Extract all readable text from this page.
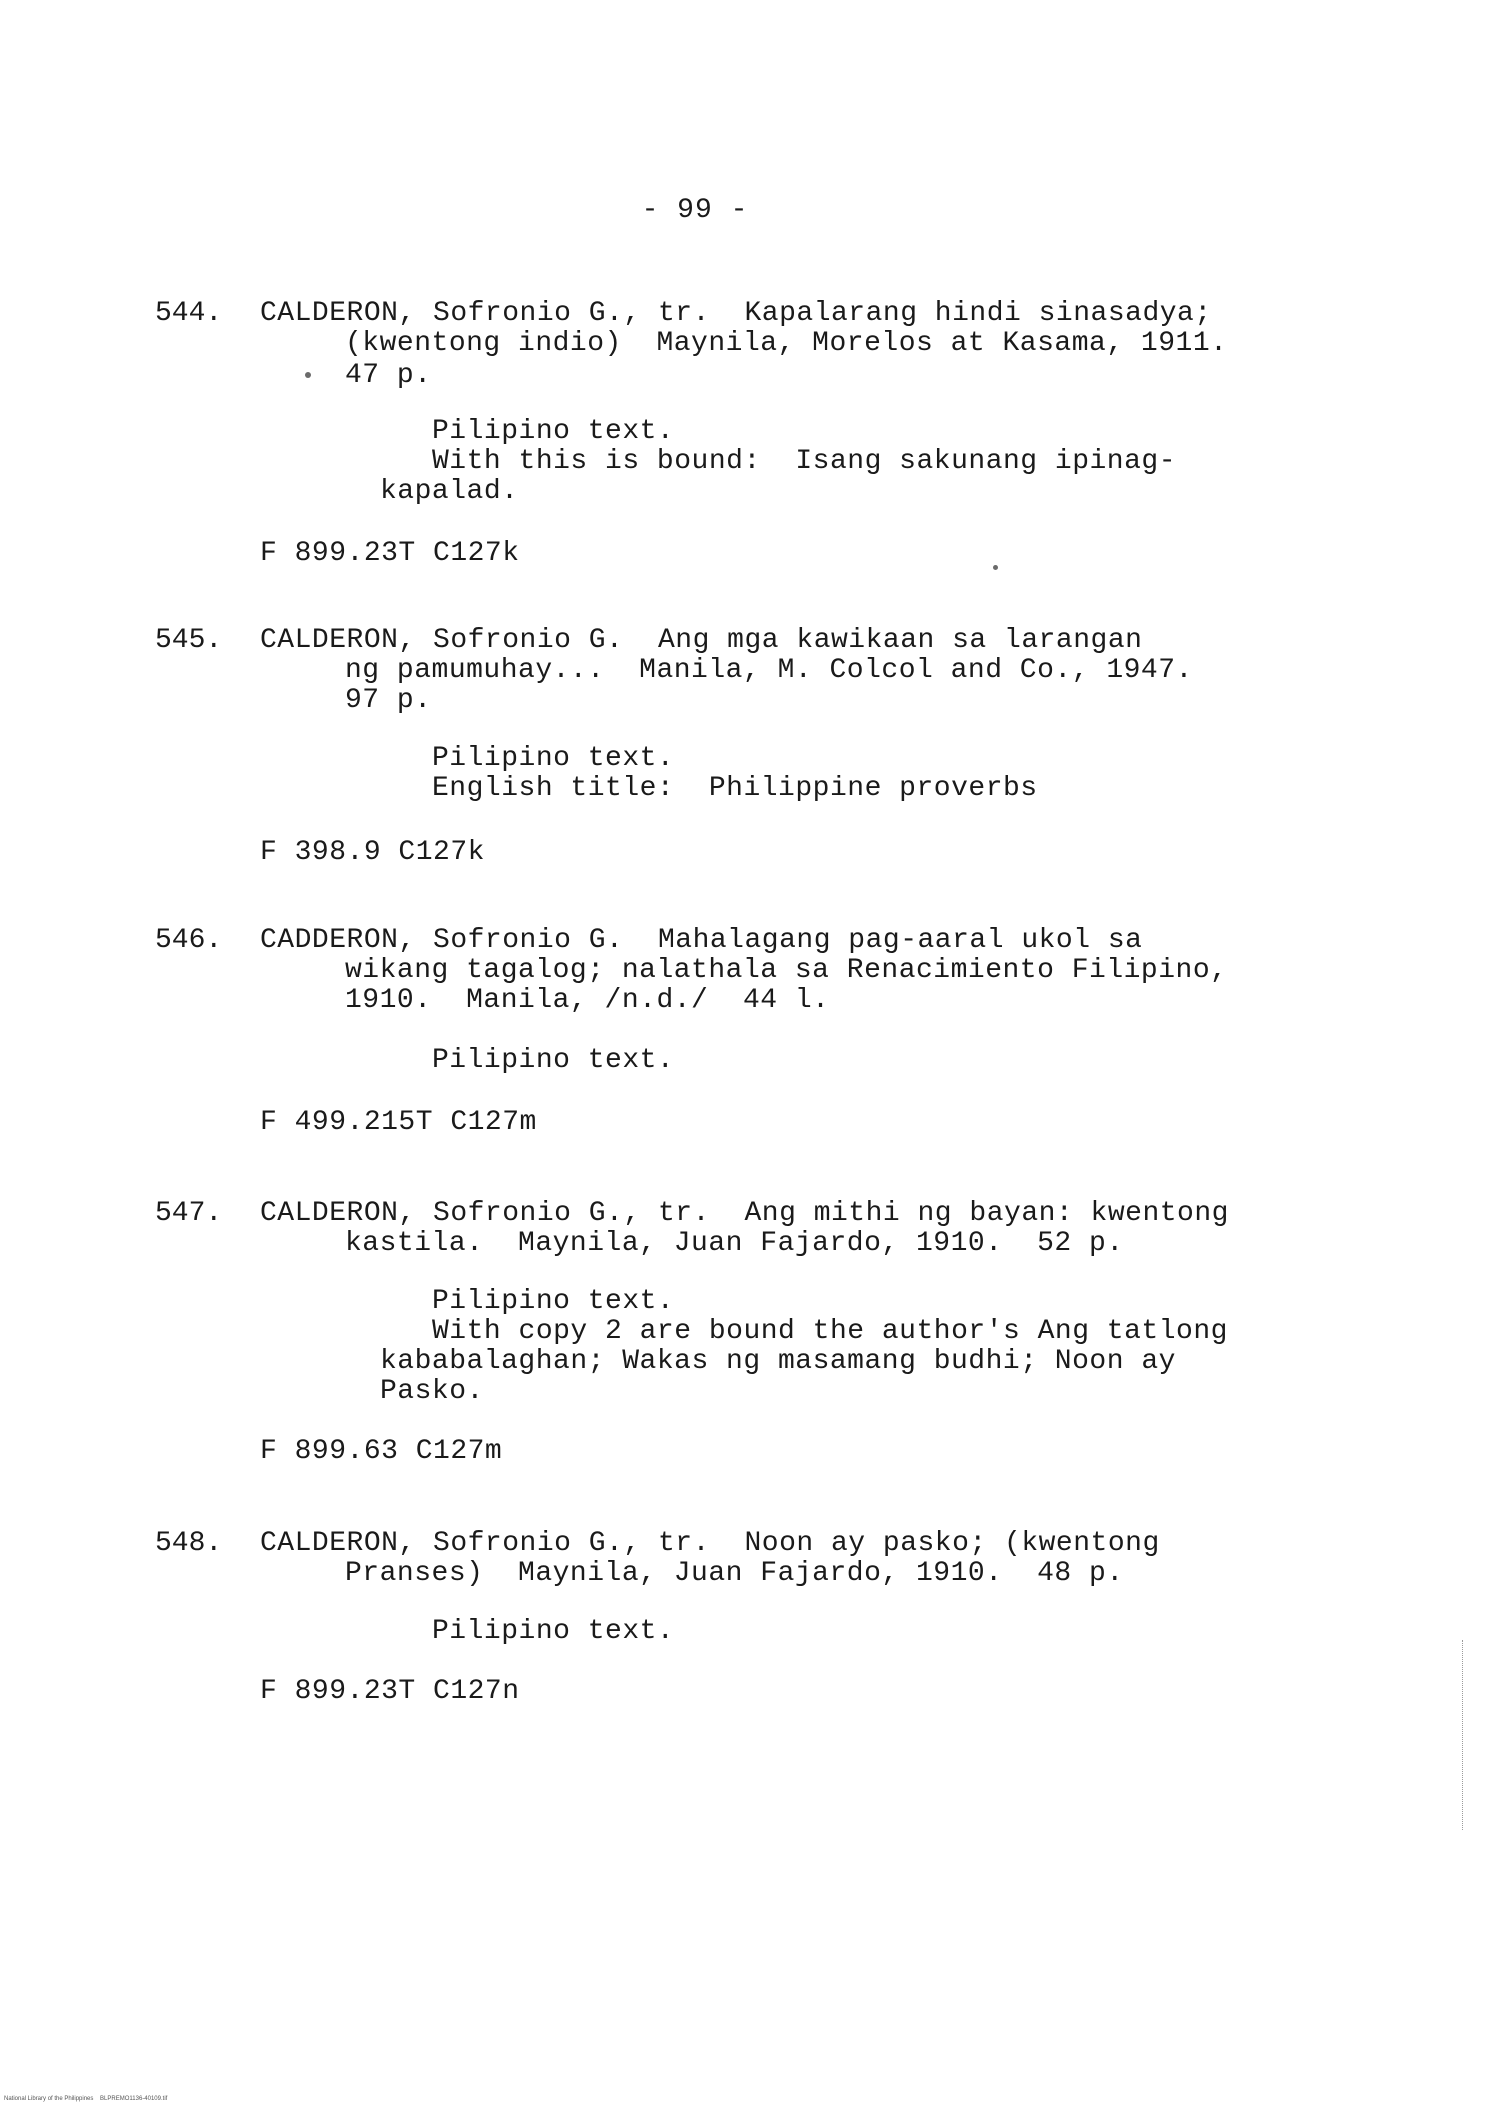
- 99 -
544. CALDERON, Sofronio G., tr.  Kapalarang hindi sinasadya;
(kwentong indio)  Maynila, Morelos at Kasama, 1911.
47 p.
Pilipino text.
With this is bound:  Isang sakunang ipinag-
kapalad.
F 899.23T C127k
545. CALDERON, Sofronio G.  Ang mga kawikaan sa larangan
ng pamumuhay...  Manila, M. Colcol and Co., 1947.
97 p.
Pilipino text.
English title:  Philippine proverbs
F 398.9 C127k
546. CADDERON, Sofronio G.  Mahalagang pag-aaral ukol sa
wikang tagalog; nalathala sa Renacimiento Filipino,
1910.  Manila, /n.d./  44 l.
Pilipino text.
F 499.215T C127m
547. CALDERON, Sofronio G., tr.  Ang mithi ng bayan: kwentong
kastila.  Maynila, Juan Fajardo, 1910.  52 p.
Pilipino text.
With copy 2 are bound the author's Ang tatlong
kababalaghan; Wakas ng masamang budhi; Noon ay
Pasko.
F 899.63 C127m
548. CALDERON, Sofronio G., tr.  Noon ay pasko; (kwentong
Pranses)  Maynila, Juan Fajardo, 1910.  48 p.
Pilipino text.
F 899.23T C127n
National Library of the Philippines    BLPREMO1136-40109.tif
